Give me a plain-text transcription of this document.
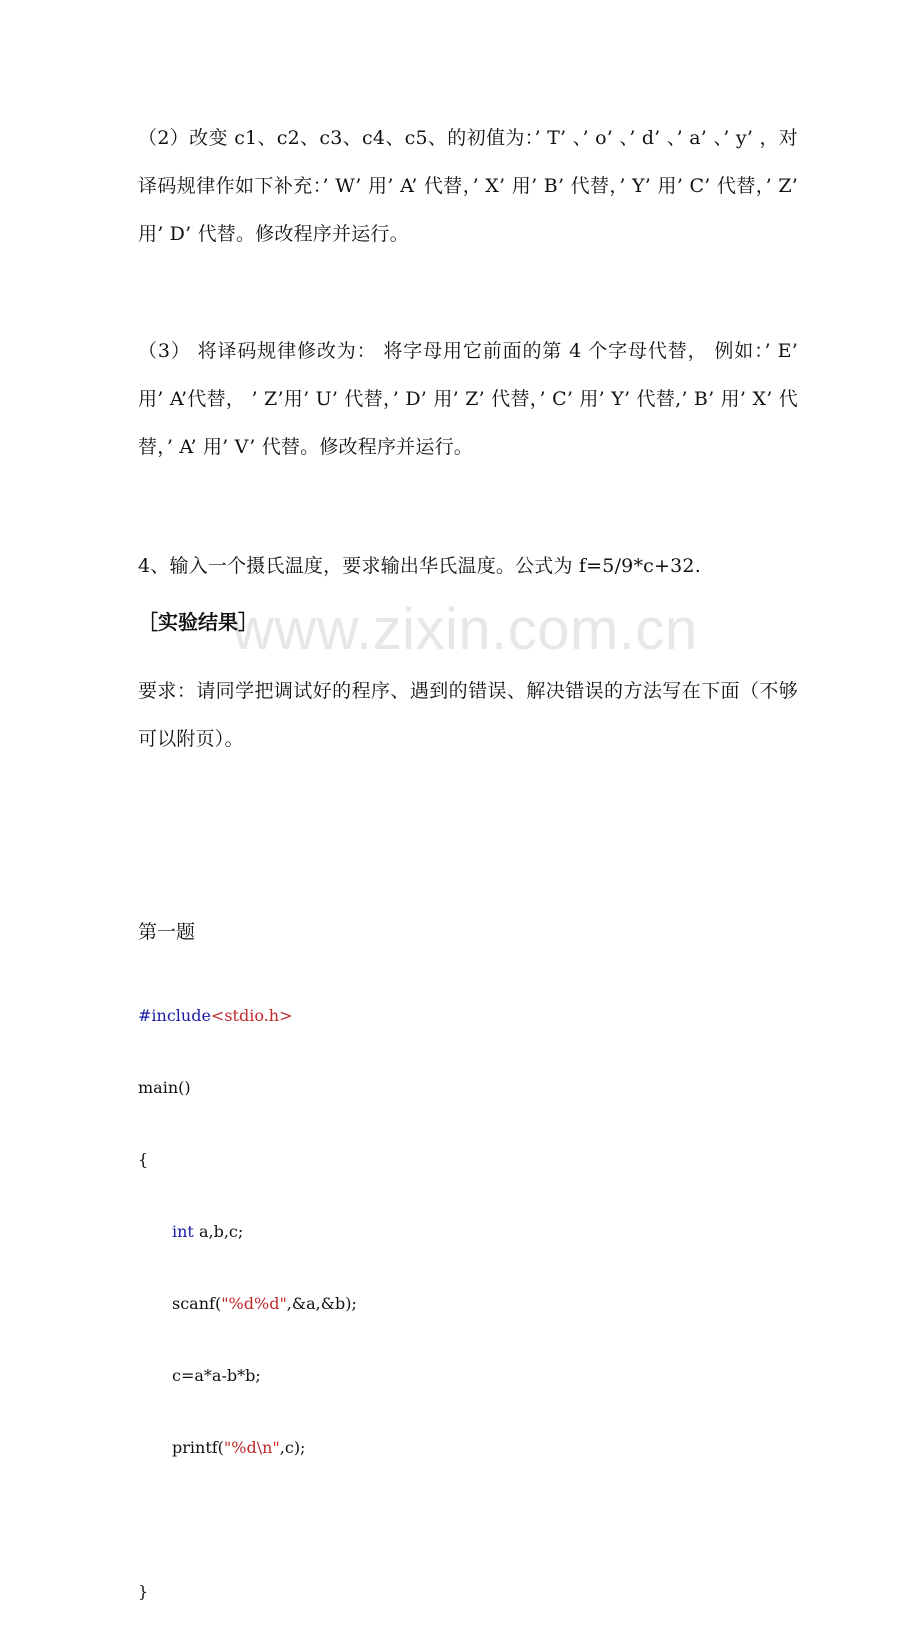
（2）改变 c1、c2、c3、c4、c5、的初值为：’ T’ 、’ o’ 、’ d’ 、’ a’ 、’ y’ ，对译码规律作如下补充：’ W’ 用’ A’ 代替，’ X’ 用’ B’ 代替，’ Y’ 用’ C’ 代替，’ Z’ 用’ D’ 代替。修改程序并运行。
（3） 将译码规律修改为： 将字母用它前面的第 4 个字母代替， 例如：’ E’ 用’ A’代替， ’ Z’用’ U’ 代替，’ D’ 用’ Z’ 代替，’ C’ 用’ Y’ 代替,’ B’ 用’ X’ 代替，’ A’ 用’ V’ 代替。修改程序并运行。
4、输入一个摄氏温度，要求输出华氏温度。公式为 f=5/9*c+32.
www.zixin.com.cn
［实验结果］
要求：请同学把调试好的程序、遇到的错误、解决错误的方法写在下面（不够可以附页）。
第一题

#include<stdio.h>

main()

{

int a,b,c;

scanf("%d%d",&a,&b);

c=a*a-b*b;

printf("%d\n",c);

}
